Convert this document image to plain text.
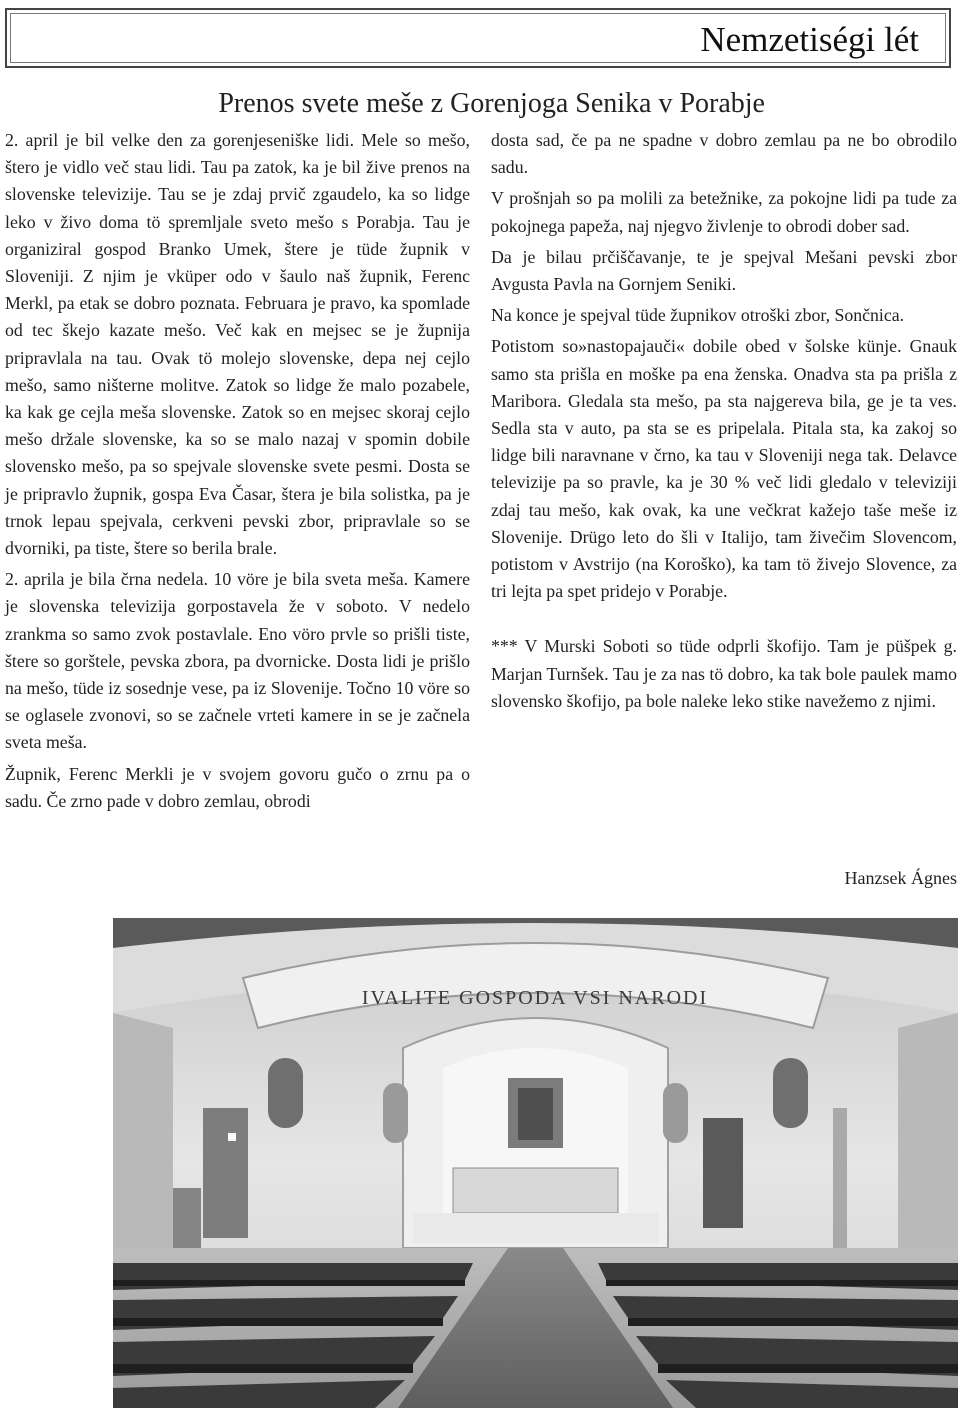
Nemzetiségi lét
Prenos svete meše z Gorenjoga Senika v Porabje

2. april je bil velke den za gorenjeseniške lidi. Mele so mešo, štero je vidlo več stau lidi. Tau pa zatok, ka je bil žive prenos na slovenske televizije. Tau se je zdaj prvič zgaudelo, ka so lidge leko v živo doma tö spremljale sveto mešo s Porabja. Tau je organiziral gospod Branko Umek, štere je tüde župnik v Sloveniji. Z njim je vküper odo v šaulo naš župnik, Ferenc Merkl, pa etak se dobro poznata. Februara je pravo, ka spomlade od tec škejo kazate mešo. Več kak en mejsec se je župnija pripravlala na tau. Ovak tö molejo slovenske, depa nej cejlo mešo, samo ništerne molitve. Zatok so lidge že malo pozabele, ka kak ge cejla meša slovenske. Zatok so en mejsec skoraj cejlo mešo držale slovenske, ka so se malo nazaj v spomin dobile slovensko mešo, pa so spejvale slovenske svete pesmi. Dosta se je pripravlo župnik, gospa Eva Časar, štera je bila solistka, pa je trnok lepau spejvala, cerkveni pevski zbor, pripravlale so se dvorniki, pa tiste, štere so berila brale.

2. aprila je bila črna nedela. 10 vöre je bila sveta meša. Kamere je slovenska televizija gorpostavela že v soboto. V nedelo zrankma so samo zvok postavlale. Eno vöro prvle so prišli tiste, štere so gorštele, pevska zbora, pa dvornicke. Dosta lidi je prišlo na mešo, tüde iz sosednje vese, pa iz Slovenije. Točno 10 vöre so se oglasele zvonovi, so se začnele vrteti kamere in se je začnela sveta meša.

Župnik, Ferenc Merkli je v svojem govoru gučo o zrnu pa o sadu. Če zrno pade v dobro zemlau, obrodi

dosta sad, če pa ne spadne v dobro zemlau pa ne bo obrodilo sadu.

V prošnjah so pa molili za betežnike, za pokojne lidi pa tude za pokojnega papeža, naj njegvo živlenje to obrodi dober sad.

Da je bilau prčiščavanje, te je spejval Mešani pevski zbor Avgusta Pavla na Gornjem Seniki.

Na konce je spejval tüde župnikov otroški zbor, Sončnica.

Potistom so»nastopajauči« dobile obed v šolske künje. Gnauk samo sta prišla en moške pa ena ženska. Onadva sta pa prišla z Maribora. Gledala sta mešo, pa sta najgereva bila, ge je ta ves. Sedla sta v auto, pa sta se es pripelala. Pitala sta, ka zakoj so lidge bili naravnane v črno, ka tau v Sloveniji nega tak. Delavce televizije pa so pravle, ka je 30 % več lidi gledalo v televiziji zdaj tau mešo, kak ovak, ka une večkrat kažejo taše meše iz Slovenije. Drügo leto do šli v Italijo, tam živečim Slovencom, potistom v Avstrijo (na Koroško), ka tam tö živejo Slovence, za tri lejta pa spet pridejo v Porabje.

*** V Murski Soboti so tüde odprli škofijo. Tam je püšpek g. Marjan Turnšek. Tau je za nas tö dobro, ka tak bole paulek mamo slovensko škofijo, pa bole naleke leko stike navežemo z njimi.

Hanzsek Ágnes
IVALITE GOSPODA VSI NARODI
